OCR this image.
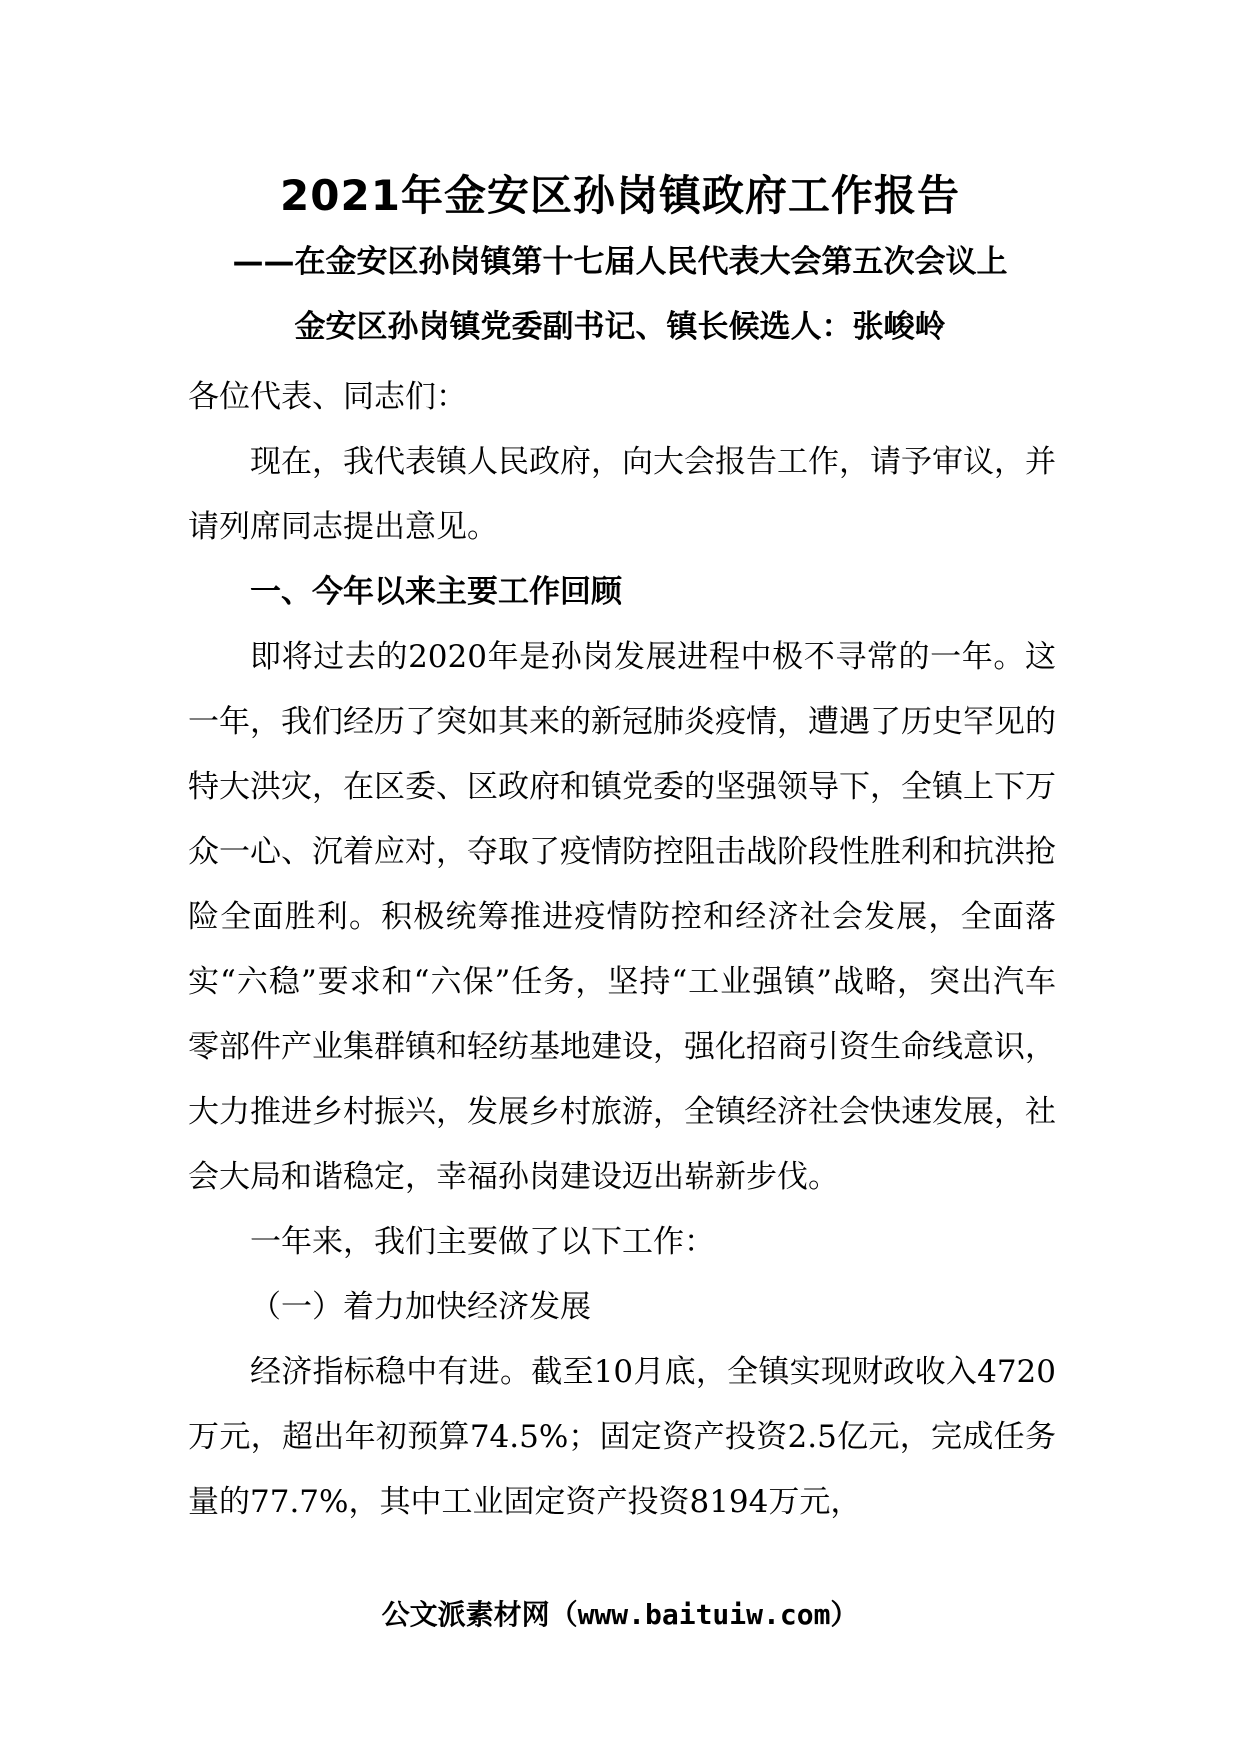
2021年金安区孙岗镇政府工作报告
——在金安区孙岗镇第十七届人民代表大会第五次会议上
金安区孙岗镇党委副书记、镇长候选人：张峻岭

各位代表、同志们：

现在，我代表镇人民政府，向大会报告工作，请予审议，并请列席同志提出意见。

一、今年以来主要工作回顾

即将过去的2020年是孙岗发展进程中极不寻常的一年。这一年，我们经历了突如其来的新冠肺炎疫情，遭遇了历史罕见的特大洪灾，在区委、区政府和镇党委的坚强领导下，全镇上下万众一心、沉着应对，夺取了疫情防控阻击战阶段性胜利和抗洪抢险全面胜利。积极统筹推进疫情防控和经济社会发展，全面落实“六稳”要求和“六保”任务，坚持“工业强镇”战略，突出汽车零部件产业集群镇和轻纺基地建设，强化招商引资生命线意识，大力推进乡村振兴，发展乡村旅游，全镇经济社会快速发展，社会大局和谐稳定，幸福孙岗建设迈出崭新步伐。

一年来，我们主要做了以下工作：

（一）着力加快经济发展

经济指标稳中有进。截至10月底，全镇实现财政收入4720万元，超出年初预算74.5%；固定资产投资2.5亿元，完成任务量的77.7%，其中工业固定资产投资8194万元，

公文派素材网（www.baituiw.com）
